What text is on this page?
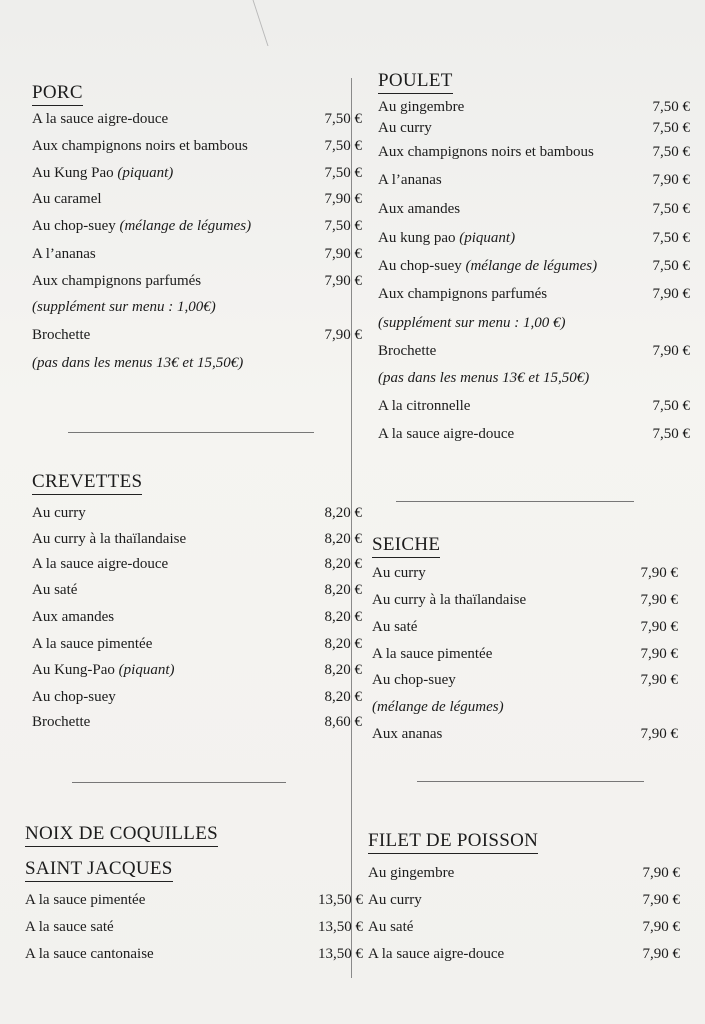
PORC
A la sauce aigre-douce	7,50 €
Aux champignons noirs et bambous	7,50 €
Au Kung Pao (piquant)	7,50 €
Au caramel	7,90 €
Au chop-suey (mélange de légumes)	7,50 €
A l’ananas	7,90 €
Aux champignons parfumés	7,90 €
(supplément sur menu : 1,00€)
Brochette	7,90 €
(pas dans les menus 13€ et 15,50€)
POULET
Au gingembre	7,50 €
Au curry	7,50 €
Aux champignons noirs et bambous	7,50 €
A l’ananas	7,90 €
Aux amandes	7,50 €
Au kung pao (piquant)	7,50 €
Au chop-suey (mélange de légumes)	7,50 €
Aux champignons parfumés	7,90 €
(supplément sur menu : 1,00 €)
Brochette	7,90 €
(pas dans les menus 13€ et 15,50€)
A la citronnelle	7,50 €
A la sauce aigre-douce	7,50 €
CREVETTES
Au curry	8,20 €
Au curry à la thaïlandaise	8,20 €
A la sauce aigre-douce	8,20 €
Au saté	8,20 €
Aux amandes	8,20 €
A la sauce pimentée	8,20 €
Au Kung-Pao (piquant)	8,20 €
Au chop-suey	8,20 €
Brochette	8,60 €
SEICHE
Au curry	7,90 €
Au curry à la thaïlandaise	7,90 €
Au saté	7,90 €
A la sauce pimentée	7,90 €
Au chop-suey	7,90 €
(mélange de légumes)
Aux ananas	7,90 €
NOIX DE COQUILLES
SAINT JACQUES
A la sauce pimentée	13,50 €
A la sauce saté	13,50 €
A la sauce cantonaise	13,50 €
FILET DE POISSON
Au gingembre	7,90 €
Au curry	7,90 €
Au saté	7,90 €
A la sauce aigre-douce	7,90 €
